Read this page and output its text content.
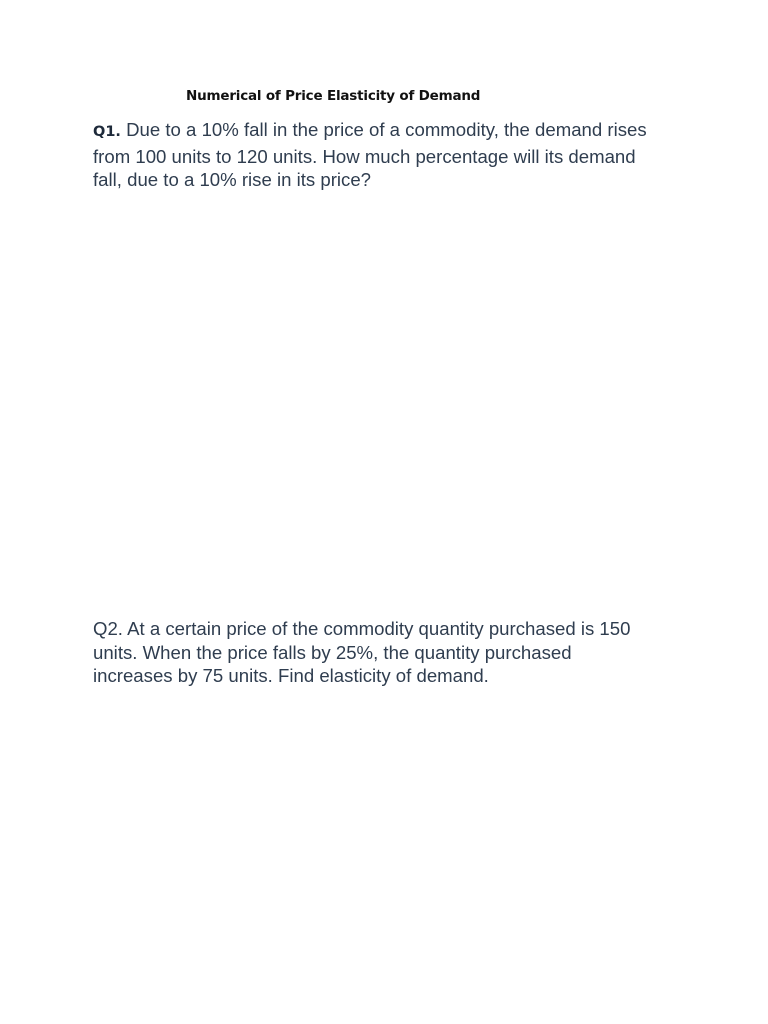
Numerical of Price Elasticity of Demand
Q1. Due to a 10% fall in the price of a commodity, the demand rises
from 100 units to 120 units. How much percentage will its demand
fall, due to a 10% rise in its price?
Q2. At a certain price of the commodity quantity purchased is 150
units. When the price falls by 25%, the quantity purchased
increases by 75 units. Find elasticity of demand.
